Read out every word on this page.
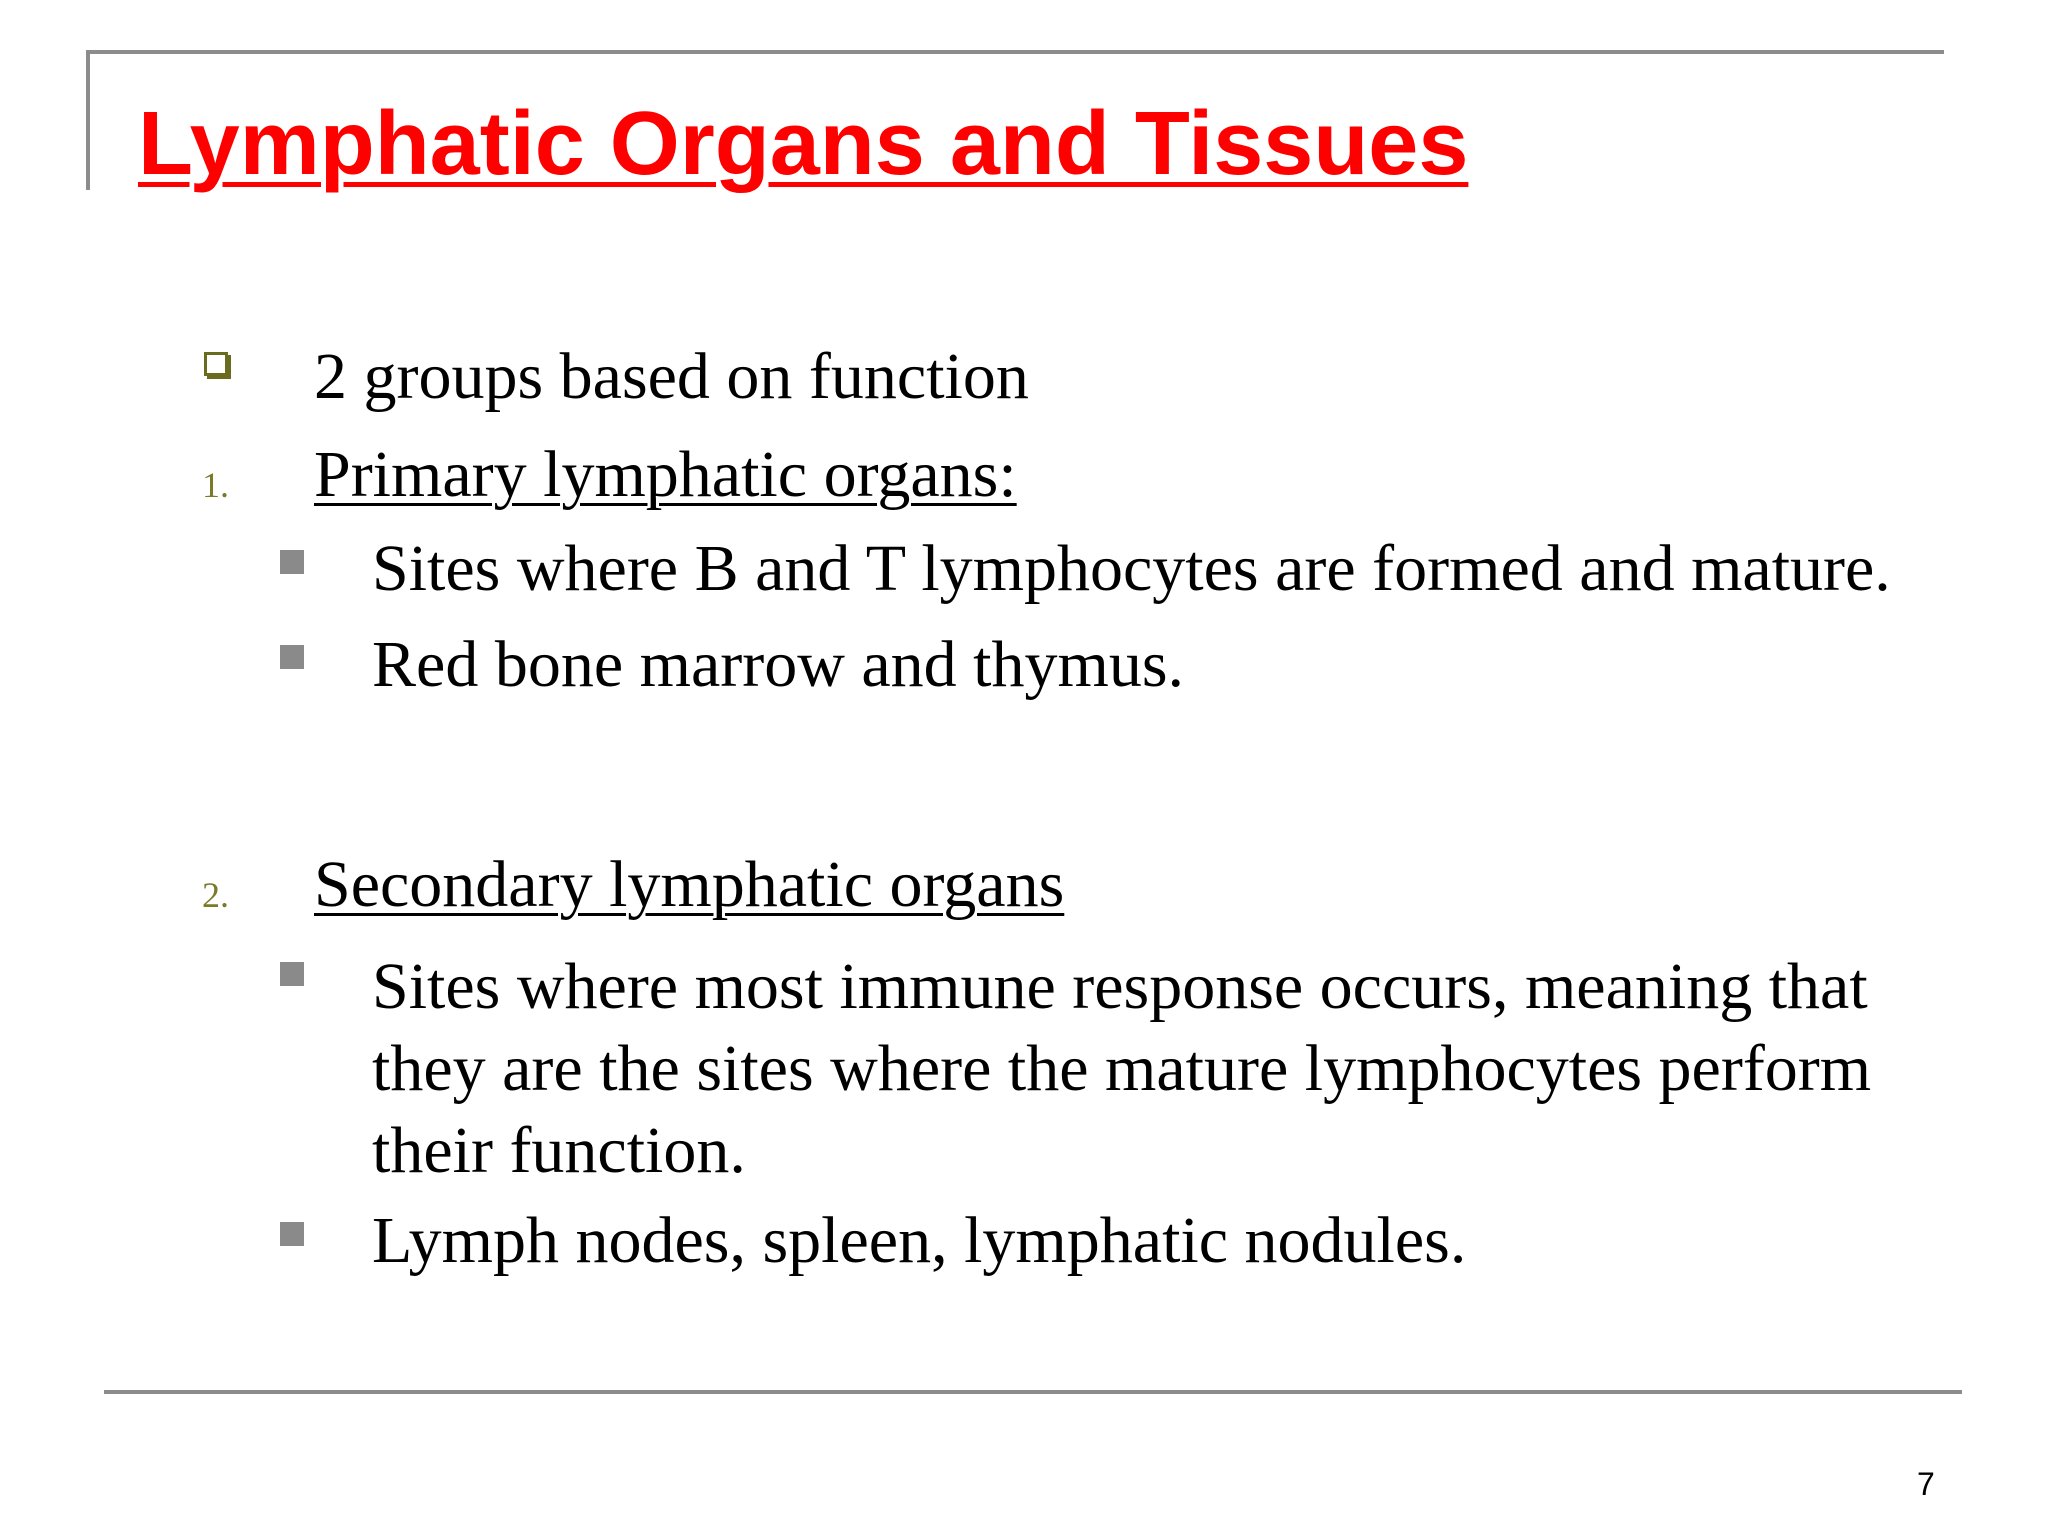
Lymphatic Organs and Tissues
2 groups based on function
1. Primary lymphatic organs:
Sites where B and T lymphocytes are formed and mature.
Red bone marrow and thymus.
2. Secondary lymphatic organs
Sites where most immune response occurs, meaning that they are the sites where the mature lymphocytes perform their function.
Lymph nodes, spleen, lymphatic nodules.
7
